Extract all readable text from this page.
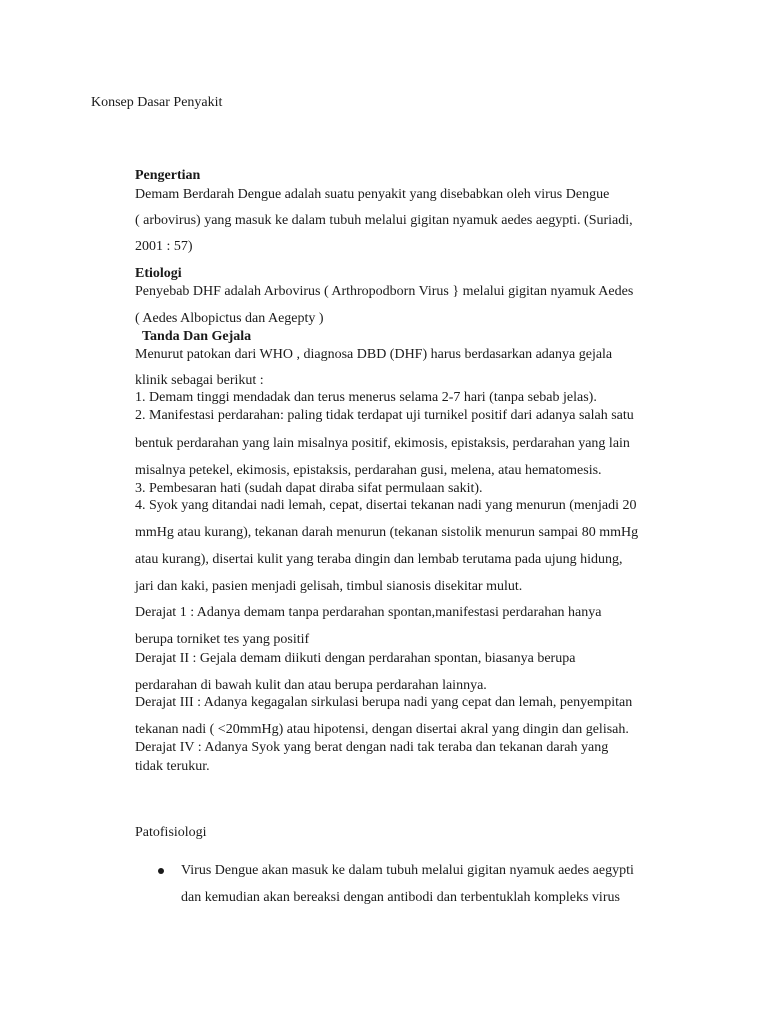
Konsep Dasar Penyakit
Pengertian
Demam Berdarah Dengue adalah suatu penyakit yang disebabkan oleh virus Dengue
( arbovirus) yang masuk ke dalam tubuh melalui gigitan nyamuk aedes aegypti. (Suriadi,
2001 : 57)
Etiologi
Penyebab DHF adalah Arbovirus ( Arthropodborn Virus } melalui gigitan nyamuk Aedes
( Aedes Albopictus dan Aegepty )
Tanda Dan Gejala
Menurut patokan dari WHO , diagnosa DBD (DHF) harus berdasarkan adanya gejala
klinik sebagai berikut :
1. Demam tinggi mendadak dan terus menerus selama 2-7 hari (tanpa sebab jelas).
2. Manifestasi perdarahan: paling tidak terdapat uji turnikel positif dari adanya salah satu
bentuk perdarahan yang lain misalnya positif, ekimosis, epistaksis, perdarahan yang lain
misalnya petekel, ekimosis, epistaksis, perdarahan gusi, melena, atau hematomesis.
3. Pembesaran hati (sudah dapat diraba sifat permulaan sakit).
4. Syok yang ditandai nadi lemah, cepat, disertai tekanan nadi yang menurun (menjadi 20
mmHg atau kurang), tekanan darah menurun (tekanan sistolik menurun sampai 80 mmHg
atau kurang), disertai kulit yang teraba dingin dan lembab terutama pada ujung hidung,
jari dan kaki, pasien menjadi gelisah, timbul sianosis disekitar mulut.
Derajat 1 : Adanya demam tanpa perdarahan spontan,manifestasi perdarahan hanya
berupa torniket tes yang positif
Derajat II : Gejala demam diikuti dengan perdarahan spontan, biasanya berupa
perdarahan di bawah kulit dan atau berupa perdarahan lainnya.
Derajat III : Adanya kegagalan sirkulasi berupa nadi yang cepat dan lemah, penyempitan
tekanan nadi ( <20mmHg) atau hipotensi, dengan disertai akral yang dingin dan gelisah.
Derajat IV : Adanya Syok yang berat dengan nadi tak teraba dan tekanan darah yang
tidak terukur.
Patofisiologi
Virus Dengue akan masuk ke dalam tubuh melalui gigitan nyamuk aedes aegypti
dan kemudian akan bereaksi dengan antibodi dan terbentuklah kompleks virus
